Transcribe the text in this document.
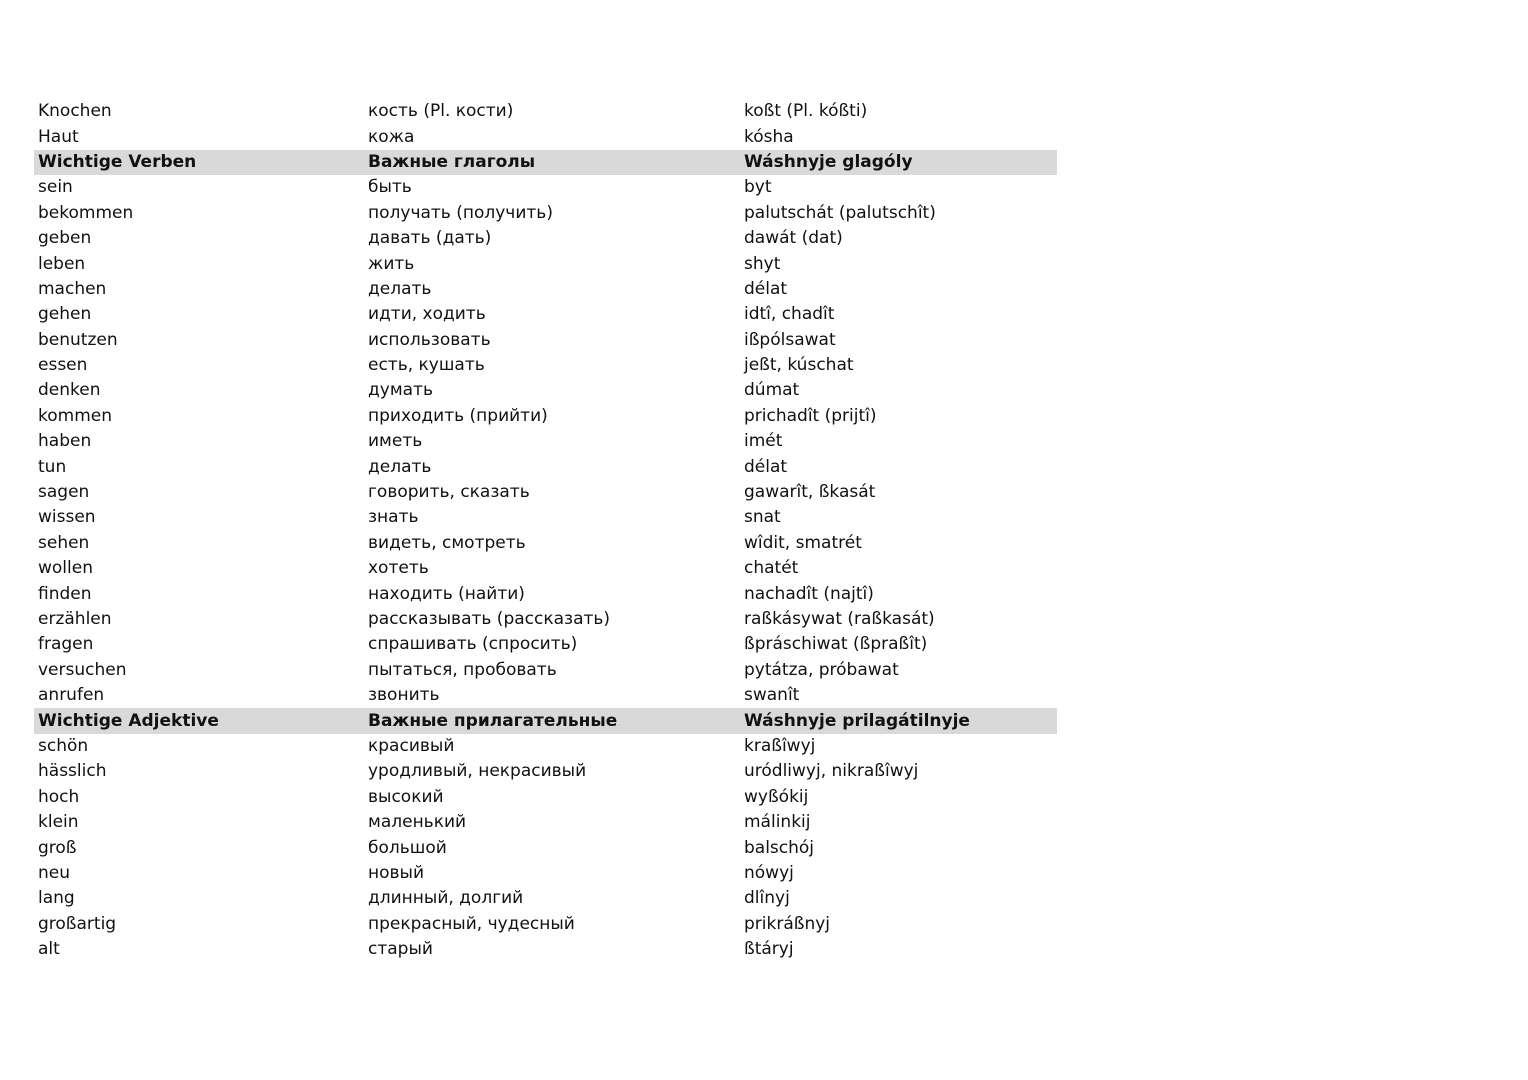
Knochen	кость (Pl. кости)	koßt (Pl. kóßti)
Haut	кожа	kósha
Wichtige Verben	Важные глаголы	Wáshnyje glagóly
sein	быть	byt
bekommen	получать (получить)	palutschát (palutschît)
geben	давать (дать)	dawát (dat)
leben	жить	shyt
machen	делать	délat
gehen	идти, ходить	idtî, chadît
benutzen	использовать	ißpólsawat
essen	есть, кушать	jeßt, kúschat
denken	думать	dúmat
kommen	приходить (прийти)	prichadît (prijtî)
haben	иметь	imét
tun	делать	délat
sagen	говорить, сказать	gawarît, ßkasát
wissen	знать	snat
sehen	видеть, смотреть	wîdit, smatrét
wollen	хотеть	chatét
finden	находить (найти)	nachadît (najtî)
erzählen	рассказывать (рассказать)	raßkásywat (raßkasát)
fragen	спрашивать (спросить)	ßpráschiwat (ßpraßît)
versuchen	пытаться, пробовать	pytátza, próbawat
anrufen	звонить	swanît
Wichtige Adjektive	Важные прилагательные	Wáshnyje prilagátilnyje
schön	красивый	kraßîwyj
hässlich	уродливый, некрасивый	uródliwyj, nikraßîwyj
hoch	высокий	wyßókij
klein	маленький	málinkij
groß	большой	balschój
neu	новый	nówyj
lang	длинный, долгий	dlînyj
großartig	прекрасный, чудесный	prikráßnyj
alt	старый	ßtáryj
